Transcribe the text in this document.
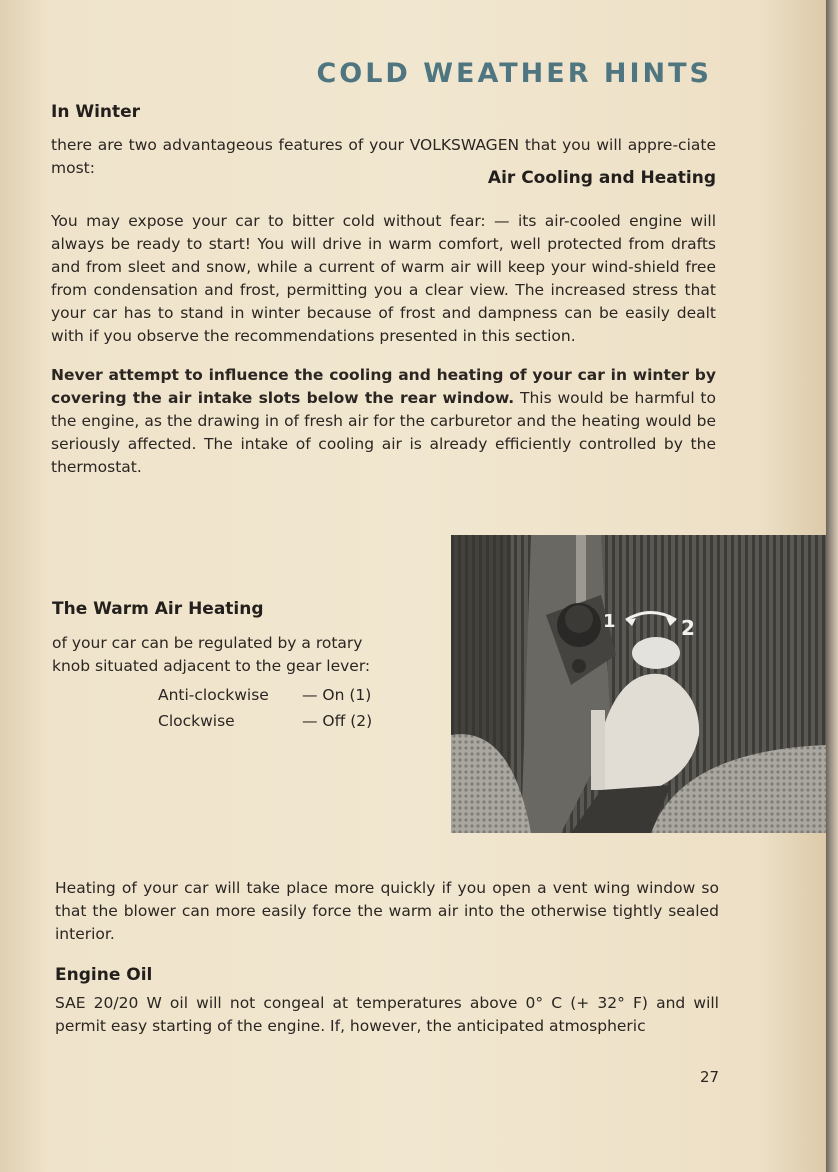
COLD WEATHER HINTS
In Winter
there are two advantageous features of your VOLKSWAGEN that you will appre-ciate most:	Air Cooling and Heating
You may expose your car to bitter cold without fear: — its air-cooled engine will always be ready to start! You will drive in warm comfort, well protected from drafts and from sleet and snow, while a current of warm air will keep your wind-shield free from condensation and frost, permitting you a clear view. The increased stress that your car has to stand in winter because of frost and dampness can be easily dealt with if you observe the recommendations presented in this section.
Never attempt to influence the cooling and heating of your car in winter by covering the air intake slots below the rear window. This would be harmful to the engine, as the drawing in of fresh air for the carburetor and the heating would be seriously affected. The intake of cooling air is already efficiently controlled by the thermostat.
The Warm Air Heating
of your car can be regulated by a rotary knob situated adjacent to the gear lever:
Anti-clockwise — On (1)
Clockwise	— Off (2)
1	2
Heating of your car will take place more quickly if you open a vent wing window so that the blower can more easily force the warm air into the otherwise tightly sealed interior.
Engine Oil
SAE 20/20 W oil will not congeal at temperatures above 0° C (+ 32° F) and will permit easy starting of the engine. If, however, the anticipated atmospheric
27
